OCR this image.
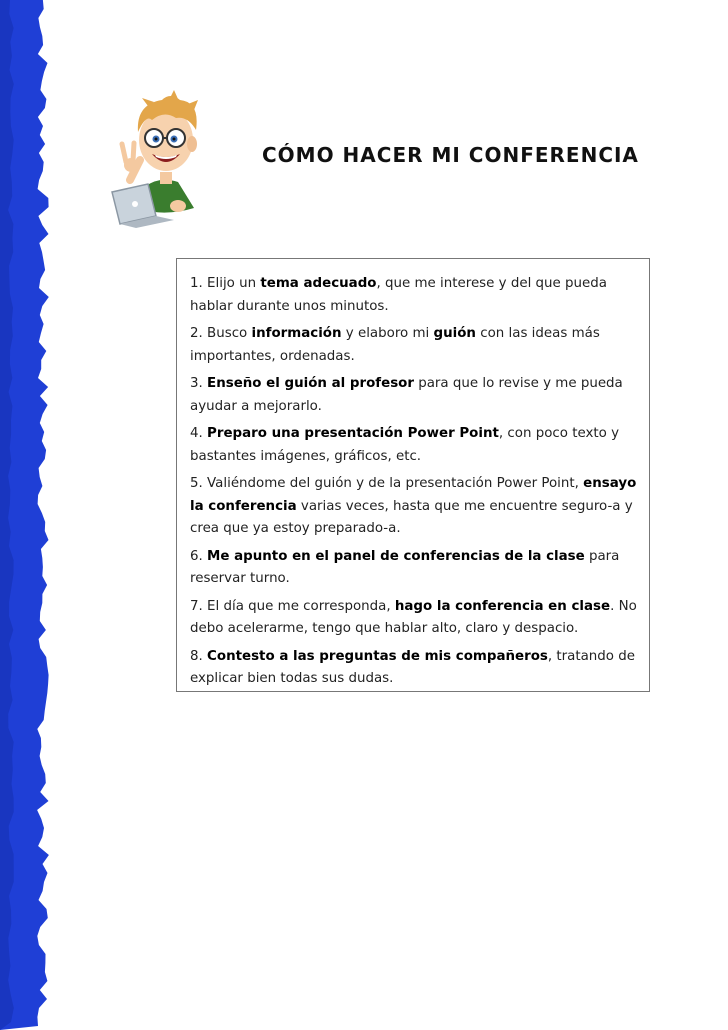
CÓMO HACER MI CONFERENCIA

1. Elijo un tema adecuado, que me interese y del que pueda hablar durante unos minutos.

2. Busco información y elaboro mi guión con las ideas más importantes, ordenadas.

3. Enseño el guión al profesor para que lo revise y me pueda ayudar a mejorarlo.

4. Preparo una presentación Power Point, con poco texto y bastantes imágenes, gráficos, etc.

5. Valiéndome del guión y de la presentación Power Point, ensayo la conferencia varias veces, hasta que me encuentre seguro-a y crea que ya estoy preparado-a.

6. Me apunto en el panel de conferencias de la clase para reservar turno.

7. El día que me corresponda, hago la conferencia en clase. No debo acelerarme, tengo que hablar alto, claro y despacio.

8. Contesto a las preguntas de mis compañeros, tratando de explicar bien todas sus dudas.
